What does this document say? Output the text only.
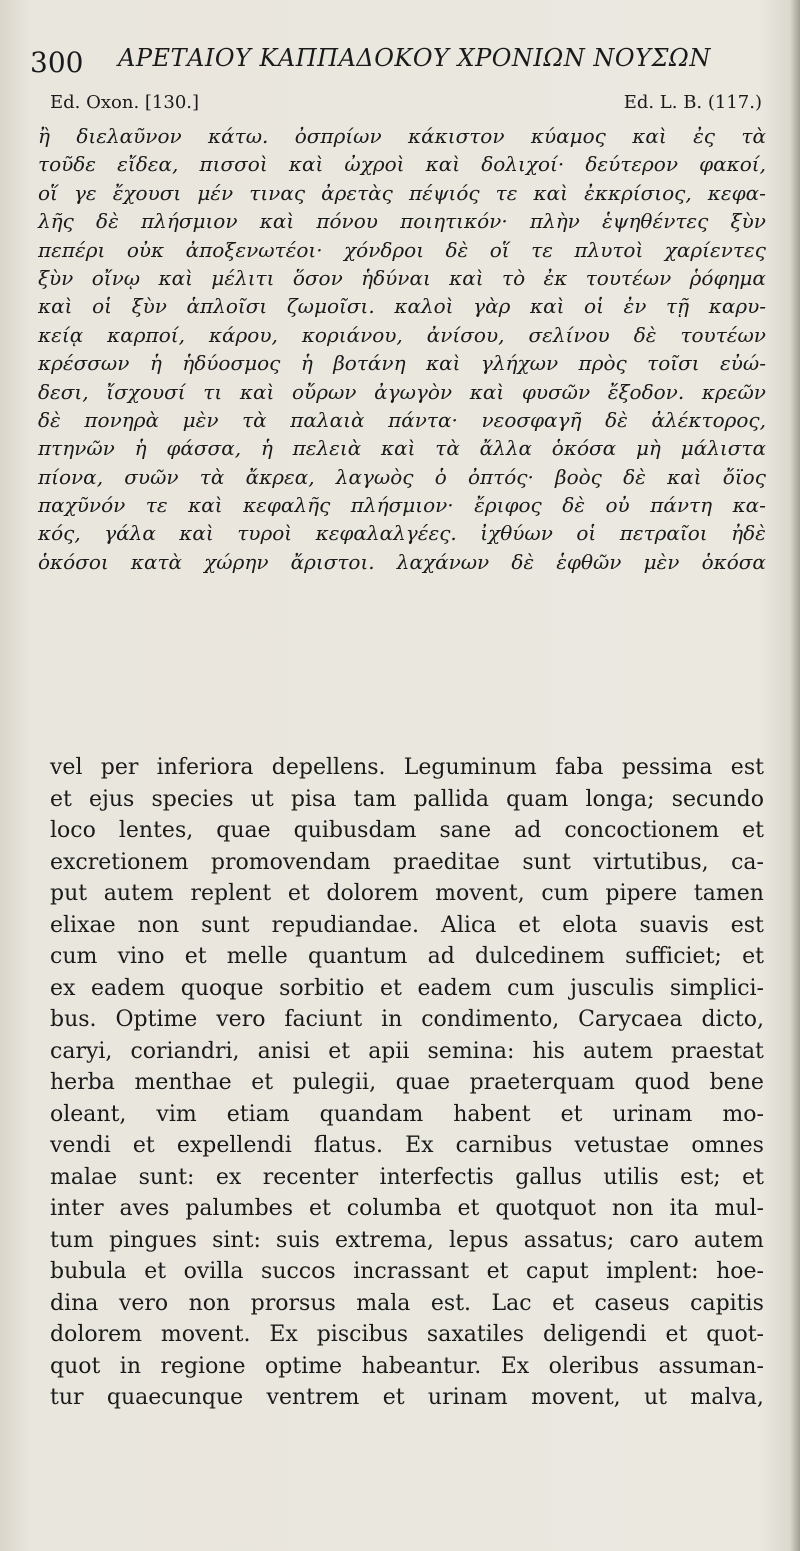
300 ΑΡΕΤΑΙΟΥ ΚΑΠΠΑΔΟΚΟΥ ΧΡΟΝΙΩΝ ΝΟΥΣΩΝ
Ed. Oxon. [130.]	Ed. L. B. (117.)
ἢ διελαῦνον κάτω. ὀσπρίων κάκιστον κύαμος καὶ ἐς τὰ
τοῦδε εἴδεα, πισσοὶ καὶ ὠχροὶ καὶ δολιχοί· δεύτερον φακοί,
οἵ γε ἔχουσι μέν τινας ἀρετὰς πέψιός τε καὶ ἐκκρίσιος, κεφα-
λῆς δὲ πλήσμιον καὶ πόνου ποιητικόν· πλὴν ἑψηθέντες ξὺν
πεπέρι οὐκ ἀποξενωτέοι· χόνδροι δὲ οἵ τε πλυτοὶ χαρίεντες
ξὺν οἴνῳ καὶ μέλιτι ὅσον ἡδύναι καὶ τὸ ἐκ τουτέων ῥόφημα
καὶ οἱ ξὺν ἁπλοῖσι ζωμοῖσι. καλοὶ γὰρ καὶ οἱ ἐν τῇ καρυ-
κείᾳ καρποί, κάρου, κοριάνου, ἀνίσου, σελίνου δὲ τουτέων
κρέσσων ἡ ἡδύοσμος ἡ βοτάνη καὶ γλήχων πρὸς τοῖσι εὐώ-
δεσι, ἴσχουσί τι καὶ οὔρων ἀγωγὸν καὶ φυσῶν ἔξοδον. κρεῶν
δὲ πονηρὰ μὲν τὰ παλαιὰ πάντα· νεοσφαγῆ δὲ ἀλέκτορος,
πτηνῶν ἡ φάσσα, ἡ πελειὰ καὶ τὰ ἄλλα ὁκόσα μὴ μάλιστα
πίονα, συῶν τὰ ἄκρεα, λαγωὸς ὁ ὀπτός· βοὸς δὲ καὶ ὄϊος
παχῦνόν τε καὶ κεφαλῆς πλήσμιον· ἔριφος δὲ οὐ πάντη κα-
κός, γάλα καὶ τυροὶ κεφαλαλγέες. ἰχθύων οἱ πετραῖοι ἠδὲ
ὁκόσοι κατὰ χώρην ἄριστοι. λαχάνων δὲ ἑφθῶν μὲν ὁκόσα
vel per inferiora depellens. Leguminum faba pessima est
et ejus species ut pisa tam pallida quam longa; secundo
loco lentes, quae quibusdam sane ad concoctionem et
excretionem promovendam praeditae sunt virtutibus, ca-
put autem replent et dolorem movent, cum pipere tamen
elixae non sunt repudiandae. Alica et elota suavis est
cum vino et melle quantum ad dulcedinem sufficiet; et
ex eadem quoque sorbitio et eadem cum jusculis simplici-
bus. Optime vero faciunt in condimento, Carycaea dicto,
caryi, coriandri, anisi et apii semina: his autem praestat
herba menthae et pulegii, quae praeterquam quod bene
oleant, vim etiam quandam habent et urinam mo-
vendi et expellendi flatus. Ex carnibus vetustae omnes
malae sunt: ex recenter interfectis gallus utilis est; et
inter aves palumbes et columba et quotquot non ita mul-
tum pingues sint: suis extrema, lepus assatus; caro autem
bubula et ovilla succos incrassant et caput implent: hoe-
dina vero non prorsus mala est. Lac et caseus capitis
dolorem movent. Ex piscibus saxatiles deligendi et quot-
quot in regione optime habeantur. Ex oleribus assuman-
tur quaecunque ventrem et urinam movent, ut malva,
